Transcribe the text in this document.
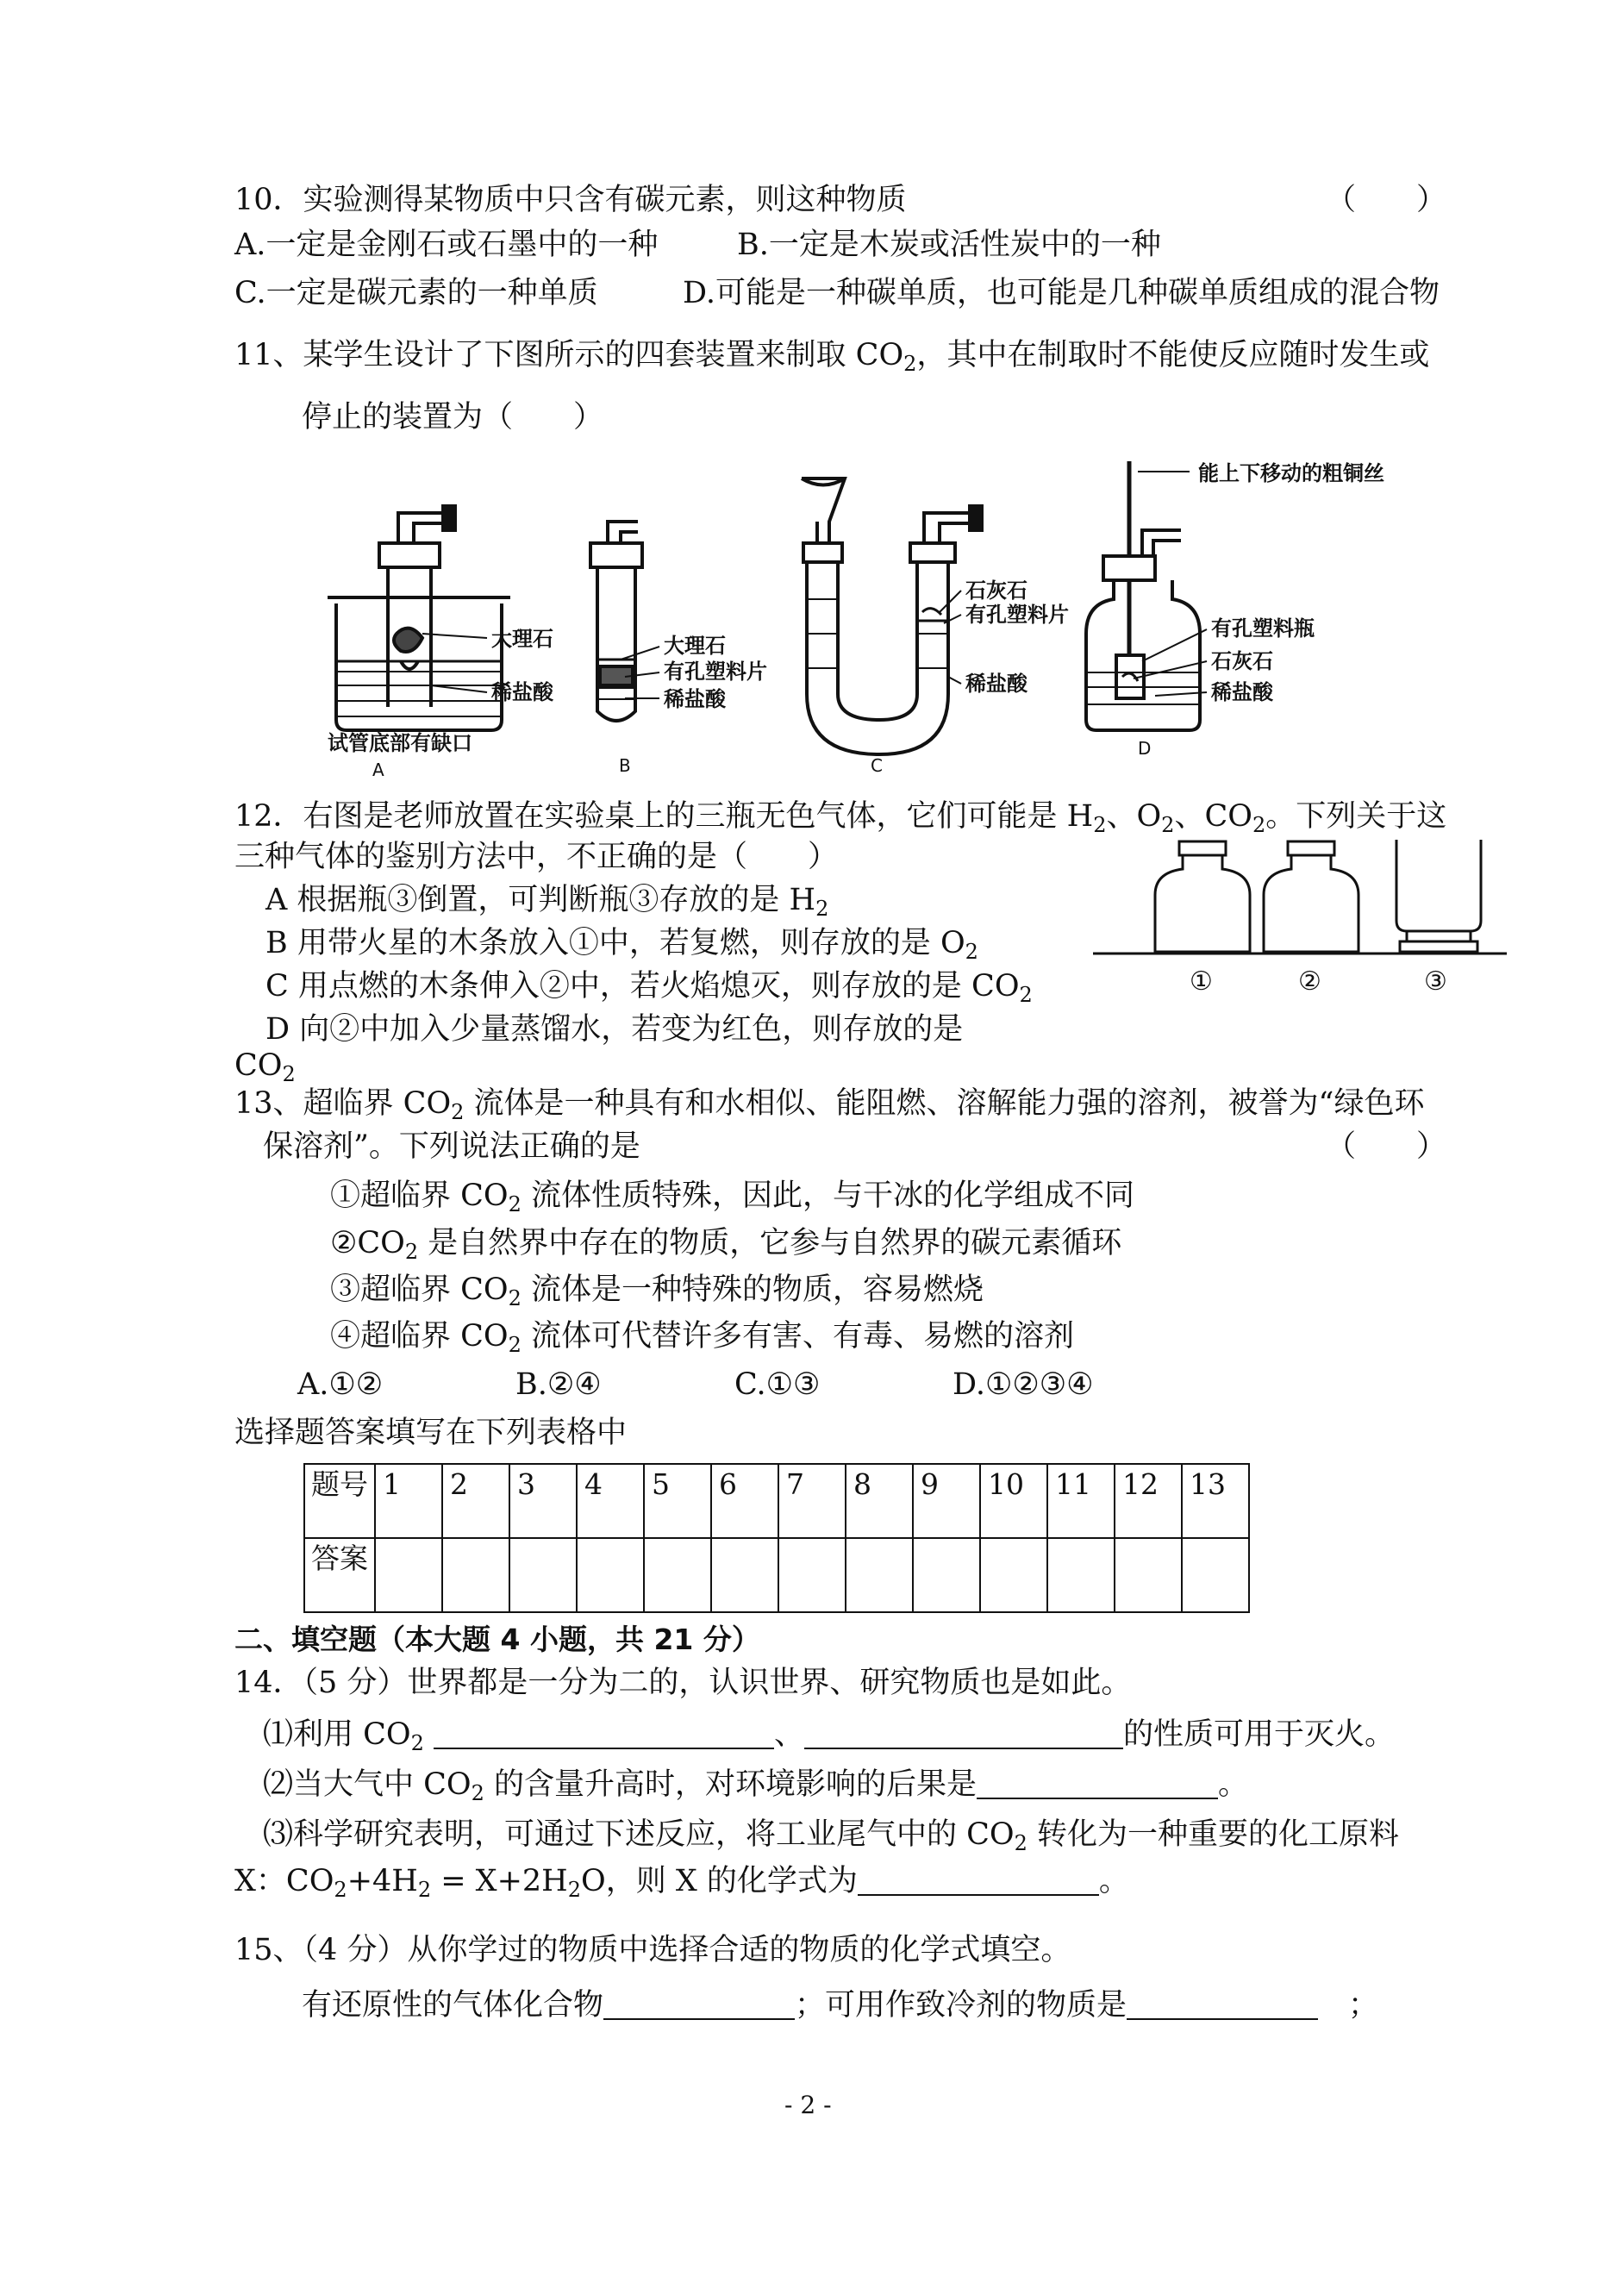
10．实验测得某物质中只含有碳元素，则这种物质	（　　）
A.一定是金刚石或石墨中的一种	B.一定是木炭或活性炭中的一种
C.一定是碳元素的一种单质	D.可能是一种碳单质，也可能是几种碳单质组成的混合物
11、某学生设计了下图所示的四套装置来制取 $CO_2$，其中在制取时不能使反应随时发生或
停止的装置为（　　）
能上下移动的粗铜丝
大理石
稀盐酸
试管底部有缺口
A
大理石
有孔塑料片
稀盐酸
B
石灰石
有孔塑料片
稀盐酸
C
有孔塑料瓶
石灰石
稀盐酸
D
12．右图是老师放置在实验桌上的三瓶无色气体，它们可能是 $H_2$、$O_2$、$CO_2$。下列关于这
三种气体的鉴别方法中，不正确的是（　　）
A 根据瓶③倒置，可判断瓶③存放的是 $H_2$
B 用带火星的木条放入①中，若复燃，则存放的是 $O_2$
C 用点燃的木条伸入②中，若火焰熄灭，则存放的是 $CO_2$
D 向②中加入少量蒸馏水，若变为红色，则存放的是
$CO_2$
①	②	③
13、超临界 $CO_2$ 流体是一种具有和水相似、能阻燃、溶解能力强的溶剂，被誉为“绿色环
保溶剂”。下列说法正确的是	（　　）
①超临界 $CO_2$ 流体性质特殊，因此，与干冰的化学组成不同
$②CO_2$ 是自然界中存在的物质，它参与自然界的碳元素循环
③超临界 $CO_2$ 流体是一种特殊的物质，容易燃烧
④超临界 $CO_2$ 流体可代替许多有害、有毒、易燃的溶剂
A.①②	B.②④	C.①③	D.①②③④
选择题答案填写在下列表格中
题号	1	2	3	4	5	6	7	8	9	10	11	12	13
答案													
二、填空题（本大题 4 小题，共 21 分）
14．（5 分）世界都是一分为二的，认识世界、研究物质也是如此。
⑴利用 $CO_2$	、	的性质可用于灭火。
⑵当大气中 $CO_2$ 的含量升高时，对环境影响的后果是	。
⑶科学研究表明，可通过下述反应，将工业尾气中的 $CO_2$ 转化为一种重要的化工原料
X：$CO_2+4H_2 = X+2H_2O$，则 X 的化学式为	。
15、（4 分）从你学过的物质中选择合适的物质的化学式填空。
有还原性的气体化合物	；可用作致冷剂的物质是	　；
- 2 -
